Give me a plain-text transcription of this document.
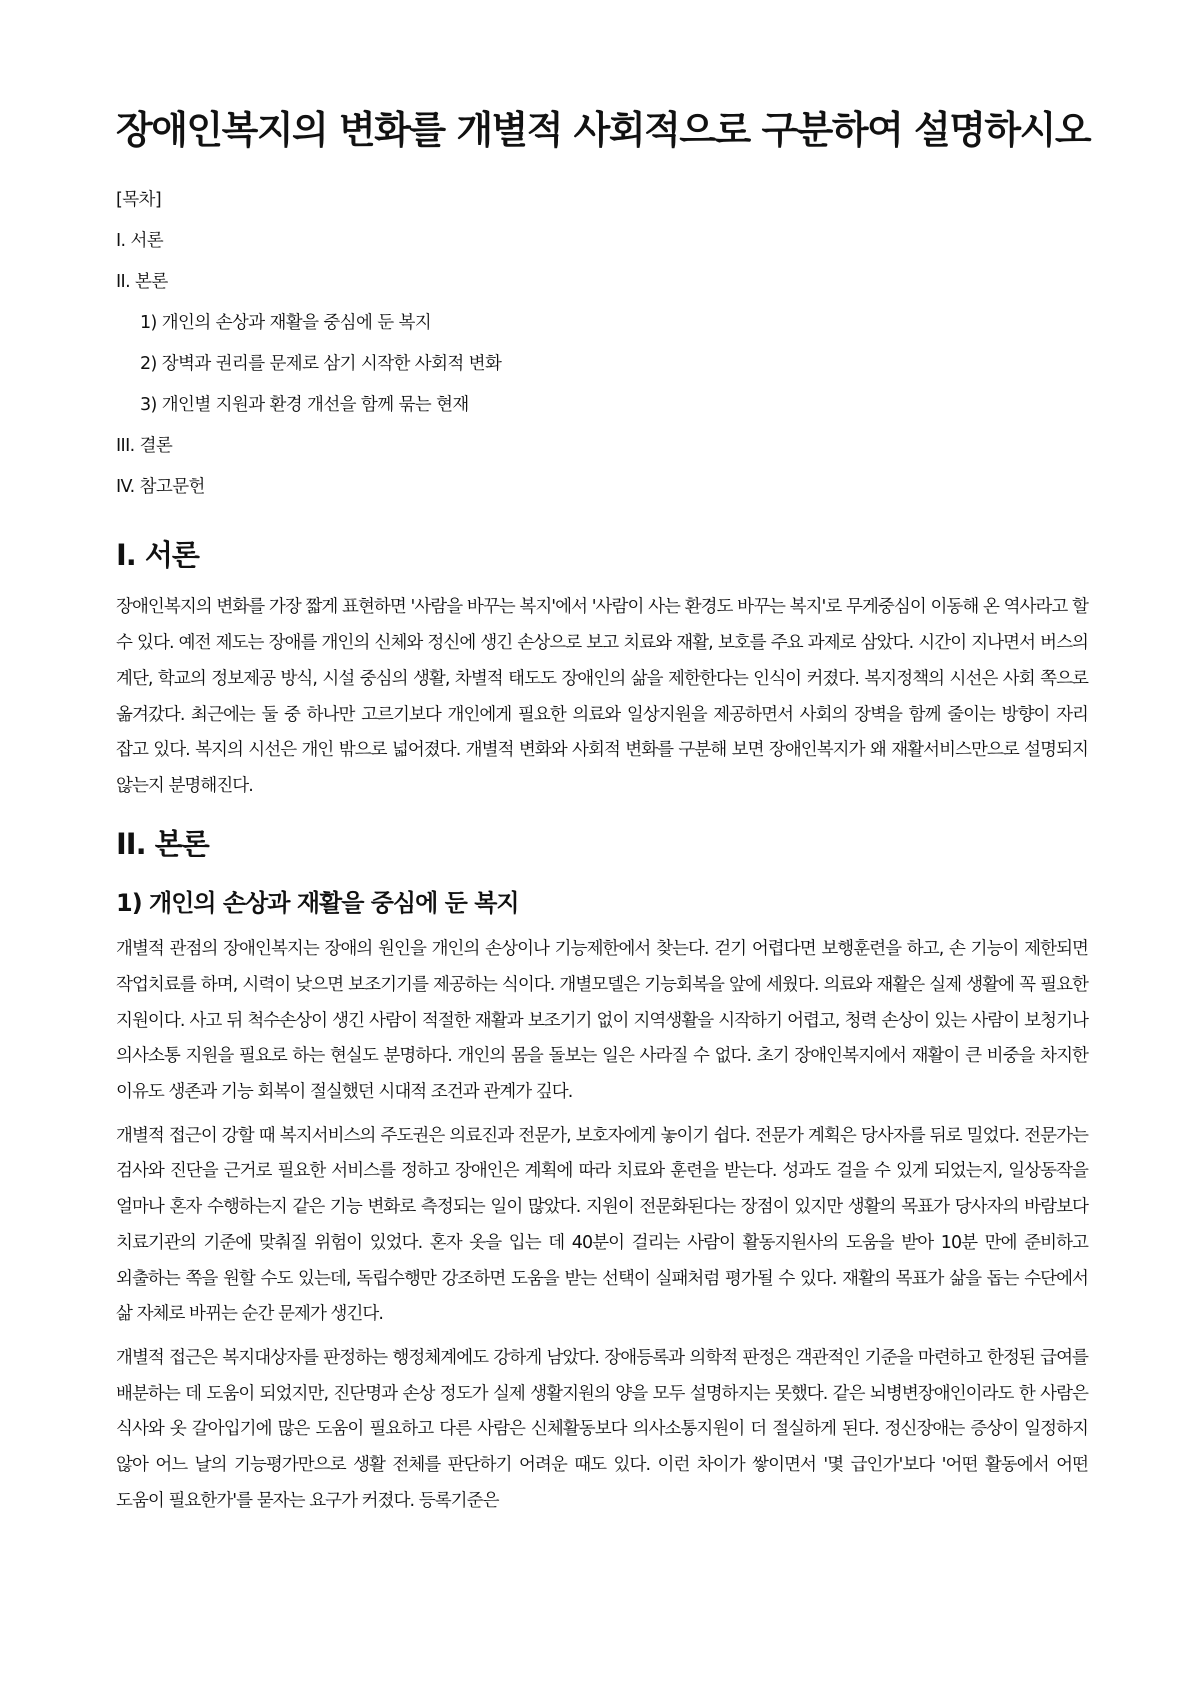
장애인복지의 변화를 개별적 사회적으로 구분하여 설명하시오
[목차]
I. 서론
II. 본론
1) 개인의 손상과 재활을 중심에 둔 복지
2) 장벽과 권리를 문제로 삼기 시작한 사회적 변화
3) 개인별 지원과 환경 개선을 함께 묶는 현재
III. 결론
IV. 참고문헌
I. 서론

장애인복지의 변화를 가장 짧게 표현하면 '사람을 바꾸는 복지'에서 '사람이 사는 환경도 바꾸는 복지'로 무게중심이 이동해 온 역사라고 할 수 있다. 예전 제도는 장애를 개인의 신체와 정신에 생긴 손상으로 보고 치료와 재활, 보호를 주요 과제로 삼았다. 시간이 지나면서 버스의 계단, 학교의 정보제공 방식, 시설 중심의 생활, 차별적 태도도 장애인의 삶을 제한한다는 인식이 커졌다. 복지정책의 시선은 사회 쪽으로 옮겨갔다. 최근에는 둘 중 하나만 고르기보다 개인에게 필요한 의료와 일상지원을 제공하면서 사회의 장벽을 함께 줄이는 방향이 자리 잡고 있다. 복지의 시선은 개인 밖으로 넓어졌다. 개별적 변화와 사회적 변화를 구분해 보면 장애인복지가 왜 재활서비스만으로 설명되지 않는지 분명해진다.

II. 본론
1) 개인의 손상과 재활을 중심에 둔 복지

개별적 관점의 장애인복지는 장애의 원인을 개인의 손상이나 기능제한에서 찾는다. 걷기 어렵다면 보행훈련을 하고, 손 기능이 제한되면 작업치료를 하며, 시력이 낮으면 보조기기를 제공하는 식이다. 개별모델은 기능회복을 앞에 세웠다. 의료와 재활은 실제 생활에 꼭 필요한 지원이다. 사고 뒤 척수손상이 생긴 사람이 적절한 재활과 보조기기 없이 지역생활을 시작하기 어렵고, 청력 손상이 있는 사람이 보청기나 의사소통 지원을 필요로 하는 현실도 분명하다. 개인의 몸을 돌보는 일은 사라질 수 없다. 초기 장애인복지에서 재활이 큰 비중을 차지한 이유도 생존과 기능 회복이 절실했던 시대적 조건과 관계가 깊다.

개별적 접근이 강할 때 복지서비스의 주도권은 의료진과 전문가, 보호자에게 놓이기 쉽다. 전문가 계획은 당사자를 뒤로 밀었다. 전문가는 검사와 진단을 근거로 필요한 서비스를 정하고 장애인은 계획에 따라 치료와 훈련을 받는다. 성과도 걸을 수 있게 되었는지, 일상동작을 얼마나 혼자 수행하는지 같은 기능 변화로 측정되는 일이 많았다. 지원이 전문화된다는 장점이 있지만 생활의 목표가 당사자의 바람보다 치료기관의 기준에 맞춰질 위험이 있었다. 혼자 옷을 입는 데 40분이 걸리는 사람이 활동지원사의 도움을 받아 10분 만에 준비하고 외출하는 쪽을 원할 수도 있는데, 독립수행만 강조하면 도움을 받는 선택이 실패처럼 평가될 수 있다. 재활의 목표가 삶을 돕는 수단에서 삶 자체로 바뀌는 순간 문제가 생긴다.

개별적 접근은 복지대상자를 판정하는 행정체계에도 강하게 남았다. 장애등록과 의학적 판정은 객관적인 기준을 마련하고 한정된 급여를 배분하는 데 도움이 되었지만, 진단명과 손상 정도가 실제 생활지원의 양을 모두 설명하지는 못했다. 같은 뇌병변장애인이라도 한 사람은 식사와 옷 갈아입기에 많은 도움이 필요하고 다른 사람은 신체활동보다 의사소통지원이 더 절실하게 된다. 정신장애는 증상이 일정하지 않아 어느 날의 기능평가만으로 생활 전체를 판단하기 어려운 때도 있다. 이런 차이가 쌓이면서 '몇 급인가'보다 '어떤 활동에서 어떤 도움이 필요한가'를 묻자는 요구가 커졌다. 등록기준은
